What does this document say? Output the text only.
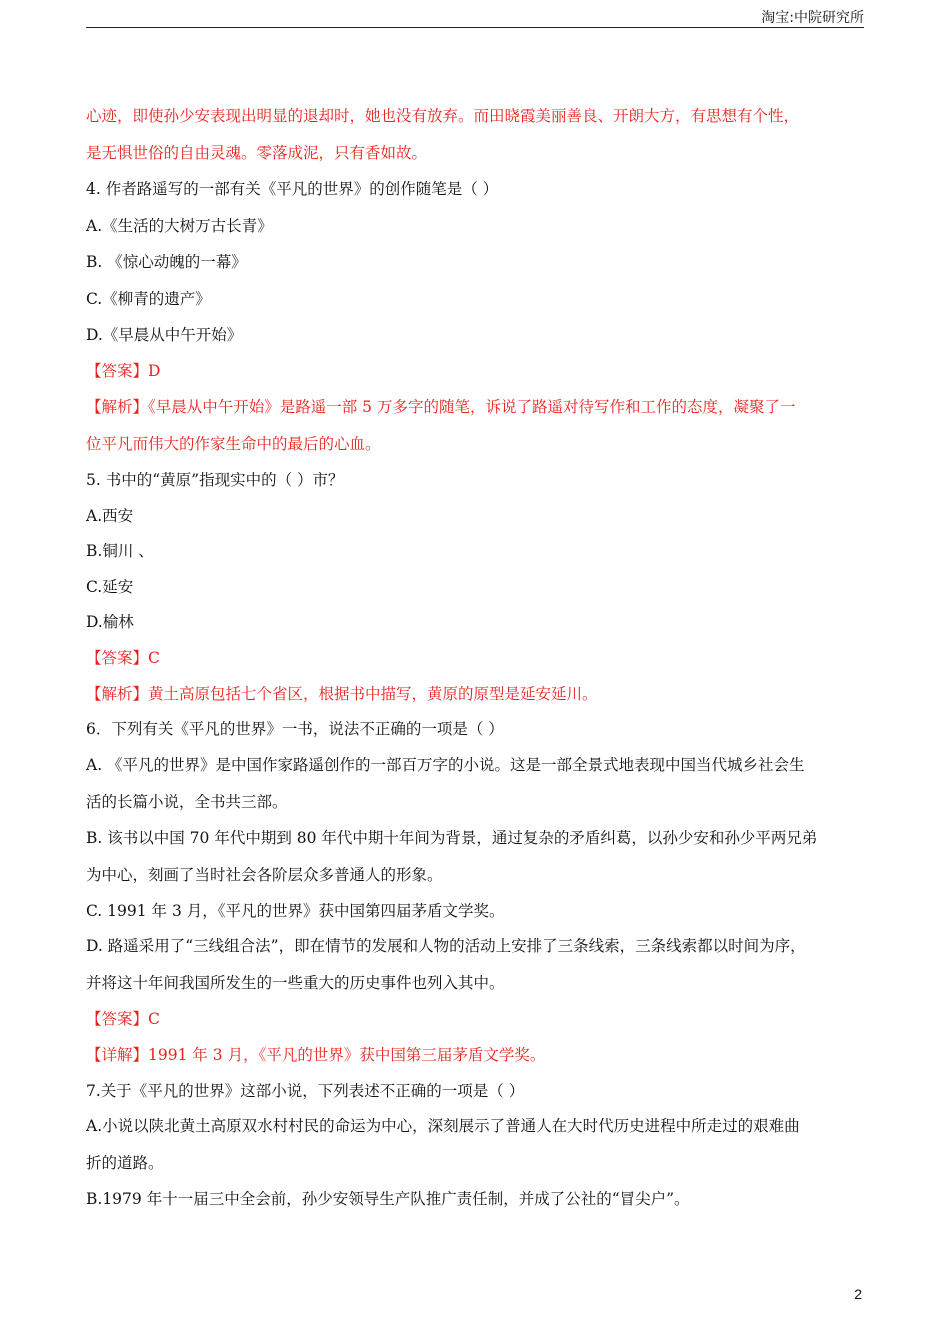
淘宝:中院研究所
心迹，即使孙少安表现出明显的退却时，她也没有放弃。而田晓霞美丽善良、开朗大方，有思想有个性，
是无惧世俗的自由灵魂。零落成泥，只有香如故。
4. 作者路遥写的一部有关《平凡的世界》的创作随笔是（ ）
A.《生活的大树万古长青》
B. 《惊心动魄的一幕》
C.《柳青的遗产》
D.《早晨从中午开始》
【答案】D
【解析】《早晨从中午开始》是路遥一部 5 万多字的随笔，诉说了路遥对待写作和工作的态度，凝聚了一
位平凡而伟大的作家生命中的最后的心血。
5. 书中的“黄原”指现实中的（ ）市？
A.西安
B.铜川 、
C.延安
D.榆林
【答案】C
【解析】黄土高原包括七个省区，根据书中描写，黄原的原型是延安延川。
6．下列有关《平凡的世界》一书，说法不正确的一项是（ ）
A. 《平凡的世界》是中国作家路遥创作的一部百万字的小说。这是一部全景式地表现中国当代城乡社会生
活的长篇小说，全书共三部。
B. 该书以中国 70 年代中期到 80 年代中期十年间为背景，通过复杂的矛盾纠葛，以孙少安和孙少平两兄弟
为中心，刻画了当时社会各阶层众多普通人的形象。
C. 1991 年 3 月，《平凡的世界》获中国第四届茅盾文学奖。
D. 路遥采用了“三线组合法”，即在情节的发展和人物的活动上安排了三条线索，三条线索都以时间为序，
并将这十年间我国所发生的一些重大的历史事件也列入其中。
【答案】C
【详解】1991 年 3 月，《平凡的世界》获中国第三届茅盾文学奖。
7.关于《平凡的世界》这部小说，下列表述不正确的一项是（ ）
A.小说以陕北黄土高原双水村村民的命运为中心，深刻展示了普通人在大时代历史进程中所走过的艰难曲
折的道路。
B.1979 年十一届三中全会前，孙少安领导生产队推广责任制，并成了公社的“冒尖户”。
2
